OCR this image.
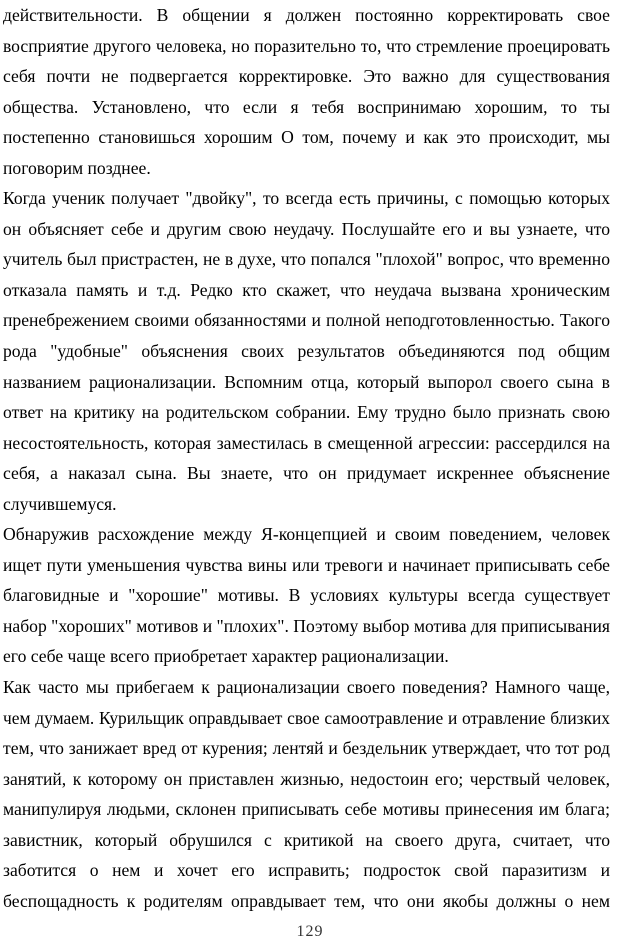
действительности. В общении я должен постоянно корректировать свое
восприятие другого человека, но поразительно то, что стремление проецировать
себя почти не подвергается корректировке. Это важно для существования
общества. Установлено, что если я тебя воспринимаю хорошим, то ты
постепенно становишься хорошим О том, почему и как это происходит, мы
поговорим позднее.
Когда ученик получает "двойку", то всегда есть причины, с помощью которых
он объясняет себе и другим свою неудачу. Послушайте его и вы узнаете, что
учитель был пристрастен, не в духе, что попался "плохой" вопрос, что временно
отказала память и т.д. Редко кто скажет, что неудача вызвана хроническим
пренебрежением своими обязанностями и полной неподготовленностью. Такого
рода "удобные" объяснения своих результатов объединяются под общим
названием рационализации. Вспомним отца, который выпорол своего сына в
ответ на критику на родительском собрании. Ему трудно было признать свою
несостоятельность, которая заместилась в смещенной агрессии: рассердился на
себя, а наказал сына. Вы знаете, что он придумает искреннее объяснение
случившемуся.
Обнаружив расхождение между Я-концепцией и своим поведением, человек
ищет пути уменьшения чувства вины или тревоги и начинает приписывать себе
благовидные и "хорошие" мотивы. В условиях культуры всегда существует
набор "хороших" мотивов и "плохих". Поэтому выбор мотива для приписывания
его себе чаще всего приобретает характер рационализации.
Как часто мы прибегаем к рационализации своего поведения? Намного чаще,
чем думаем. Курильщик оправдывает свое самоотравление и отравление близких
тем, что занижает вред от курения; лентяй и бездельник утверждает, что тот род
занятий, к которому он приставлен жизнью, недостоин его; черствый человек,
манипулируя людьми, склонен приписывать себе мотивы принесения им блага;
завистник, который обрушился с критикой на своего друга, считает, что
заботится о нем и хочет его исправить; подросток свой паразитизм и
беспощадность к родителям оправдывает тем, что они якобы должны о нем
129
